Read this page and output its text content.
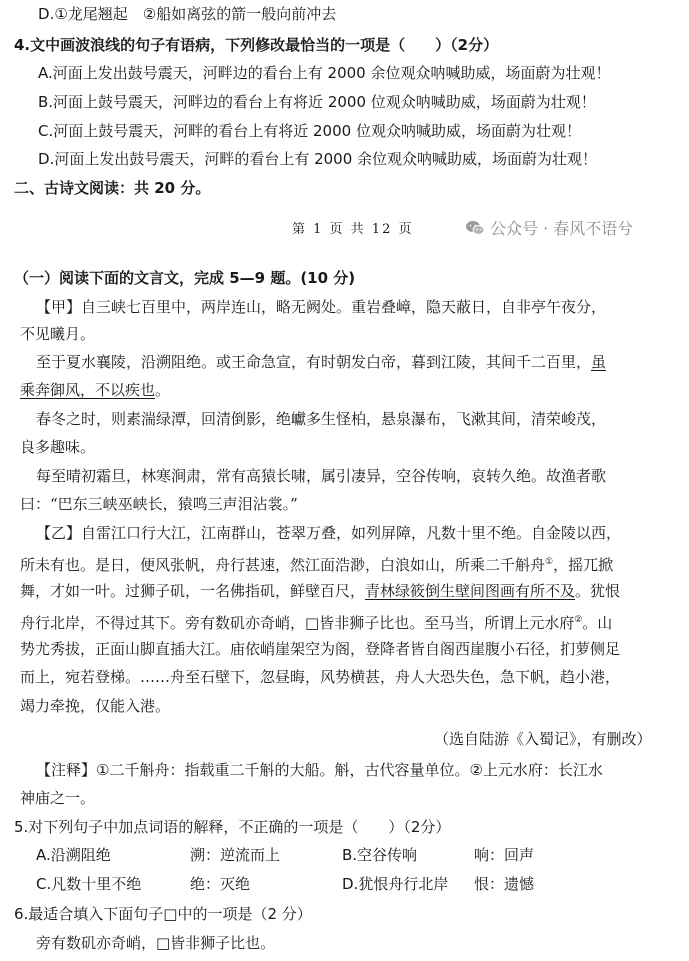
D.①龙尾翘起　②船如离弦的箭一般向前冲去
4.文中画波浪线的句子有语病，下列修改最恰当的一项是（　　）（2分）
A.河面上发出鼓号震天，河畔边的看台上有 2000 余位观众呐喊助威，场面蔚为壮观！
B.河面上鼓号震天，河畔边的看台上有将近 2000 位观众呐喊助威，场面蔚为壮观！
C.河面上鼓号震天，河畔的看台上有将近 2000 位观众呐喊助威，场面蔚为壮观！
D.河面上发出鼓号震天，河畔的看台上有 2000 余位观众呐喊助威，场面蔚为壮观！
二、古诗文阅读：共 20 分。
第 1 页 共 12 页	公众号 · 春风不语兮
（一）阅读下面的文言文，完成 5—9 题。(10 分)
【甲】自三峡七百里中，两岸连山，略无阙处。重岩叠嶂，隐天蔽日，自非亭午夜分，
不见曦月。
至于夏水襄陵，沿溯阻绝。或王命急宣，有时朝发白帝，暮到江陵，其间千二百里，虽
乘奔御风，不以疾也。
春冬之时，则素湍绿潭，回清倒影，绝巘多生怪柏，悬泉瀑布，飞漱其间，清荣峻茂，
良多趣味。
每至晴初霜旦，林寒涧肃，常有高猿长啸，属引凄异，空谷传响，哀转久绝。故渔者歌
曰：“巴东三峡巫峡长，猿鸣三声泪沾裳。”
【乙】自雷江口行大江，江南群山，苍翠万叠，如列屏障，凡数十里不绝。自金陵以西，
所未有也。是日，便风张帆，舟行甚速，然江面浩渺，白浪如山，所乘二千斛舟①，摇兀掀
舞，才如一叶。过狮子矶，一名佛指矶，鲜壁百尺，青林绿筱倒生壁间图画有所不及。犹恨
舟行北岸，不得过其下。旁有数矶亦奇峭，□皆非狮子比也。至马当，所谓上元水府②。山
势尤秀拔，正面山脚直插大江。庙依峭崖架空为阁，登降者皆自阁西崖腹小石径，扪萝侧足
而上，宛若登梯。……舟至石壁下，忽昼晦，风势横甚，舟人大恐失色，急下帆，趋小港，
竭力牵挽，仅能入港。
（选自陆游《入蜀记》，有删改）
【注释】①二千斛舟：指载重二千斛的大船。斛，古代容量单位。②上元水府：长江水
神庙之一。
5.对下列句子中加点词语的解释，不正确的一项是（　　）（2分）
A.沿溯阻绝	溯：逆流而上	B.空谷传响	响：回声
C.凡数十里不绝	绝：灭绝	D.犹恨舟行北岸 恨：遗憾
6.最适合填入下面句子□中的一项是（2 分）
旁有数矶亦奇峭，□皆非狮子比也。
